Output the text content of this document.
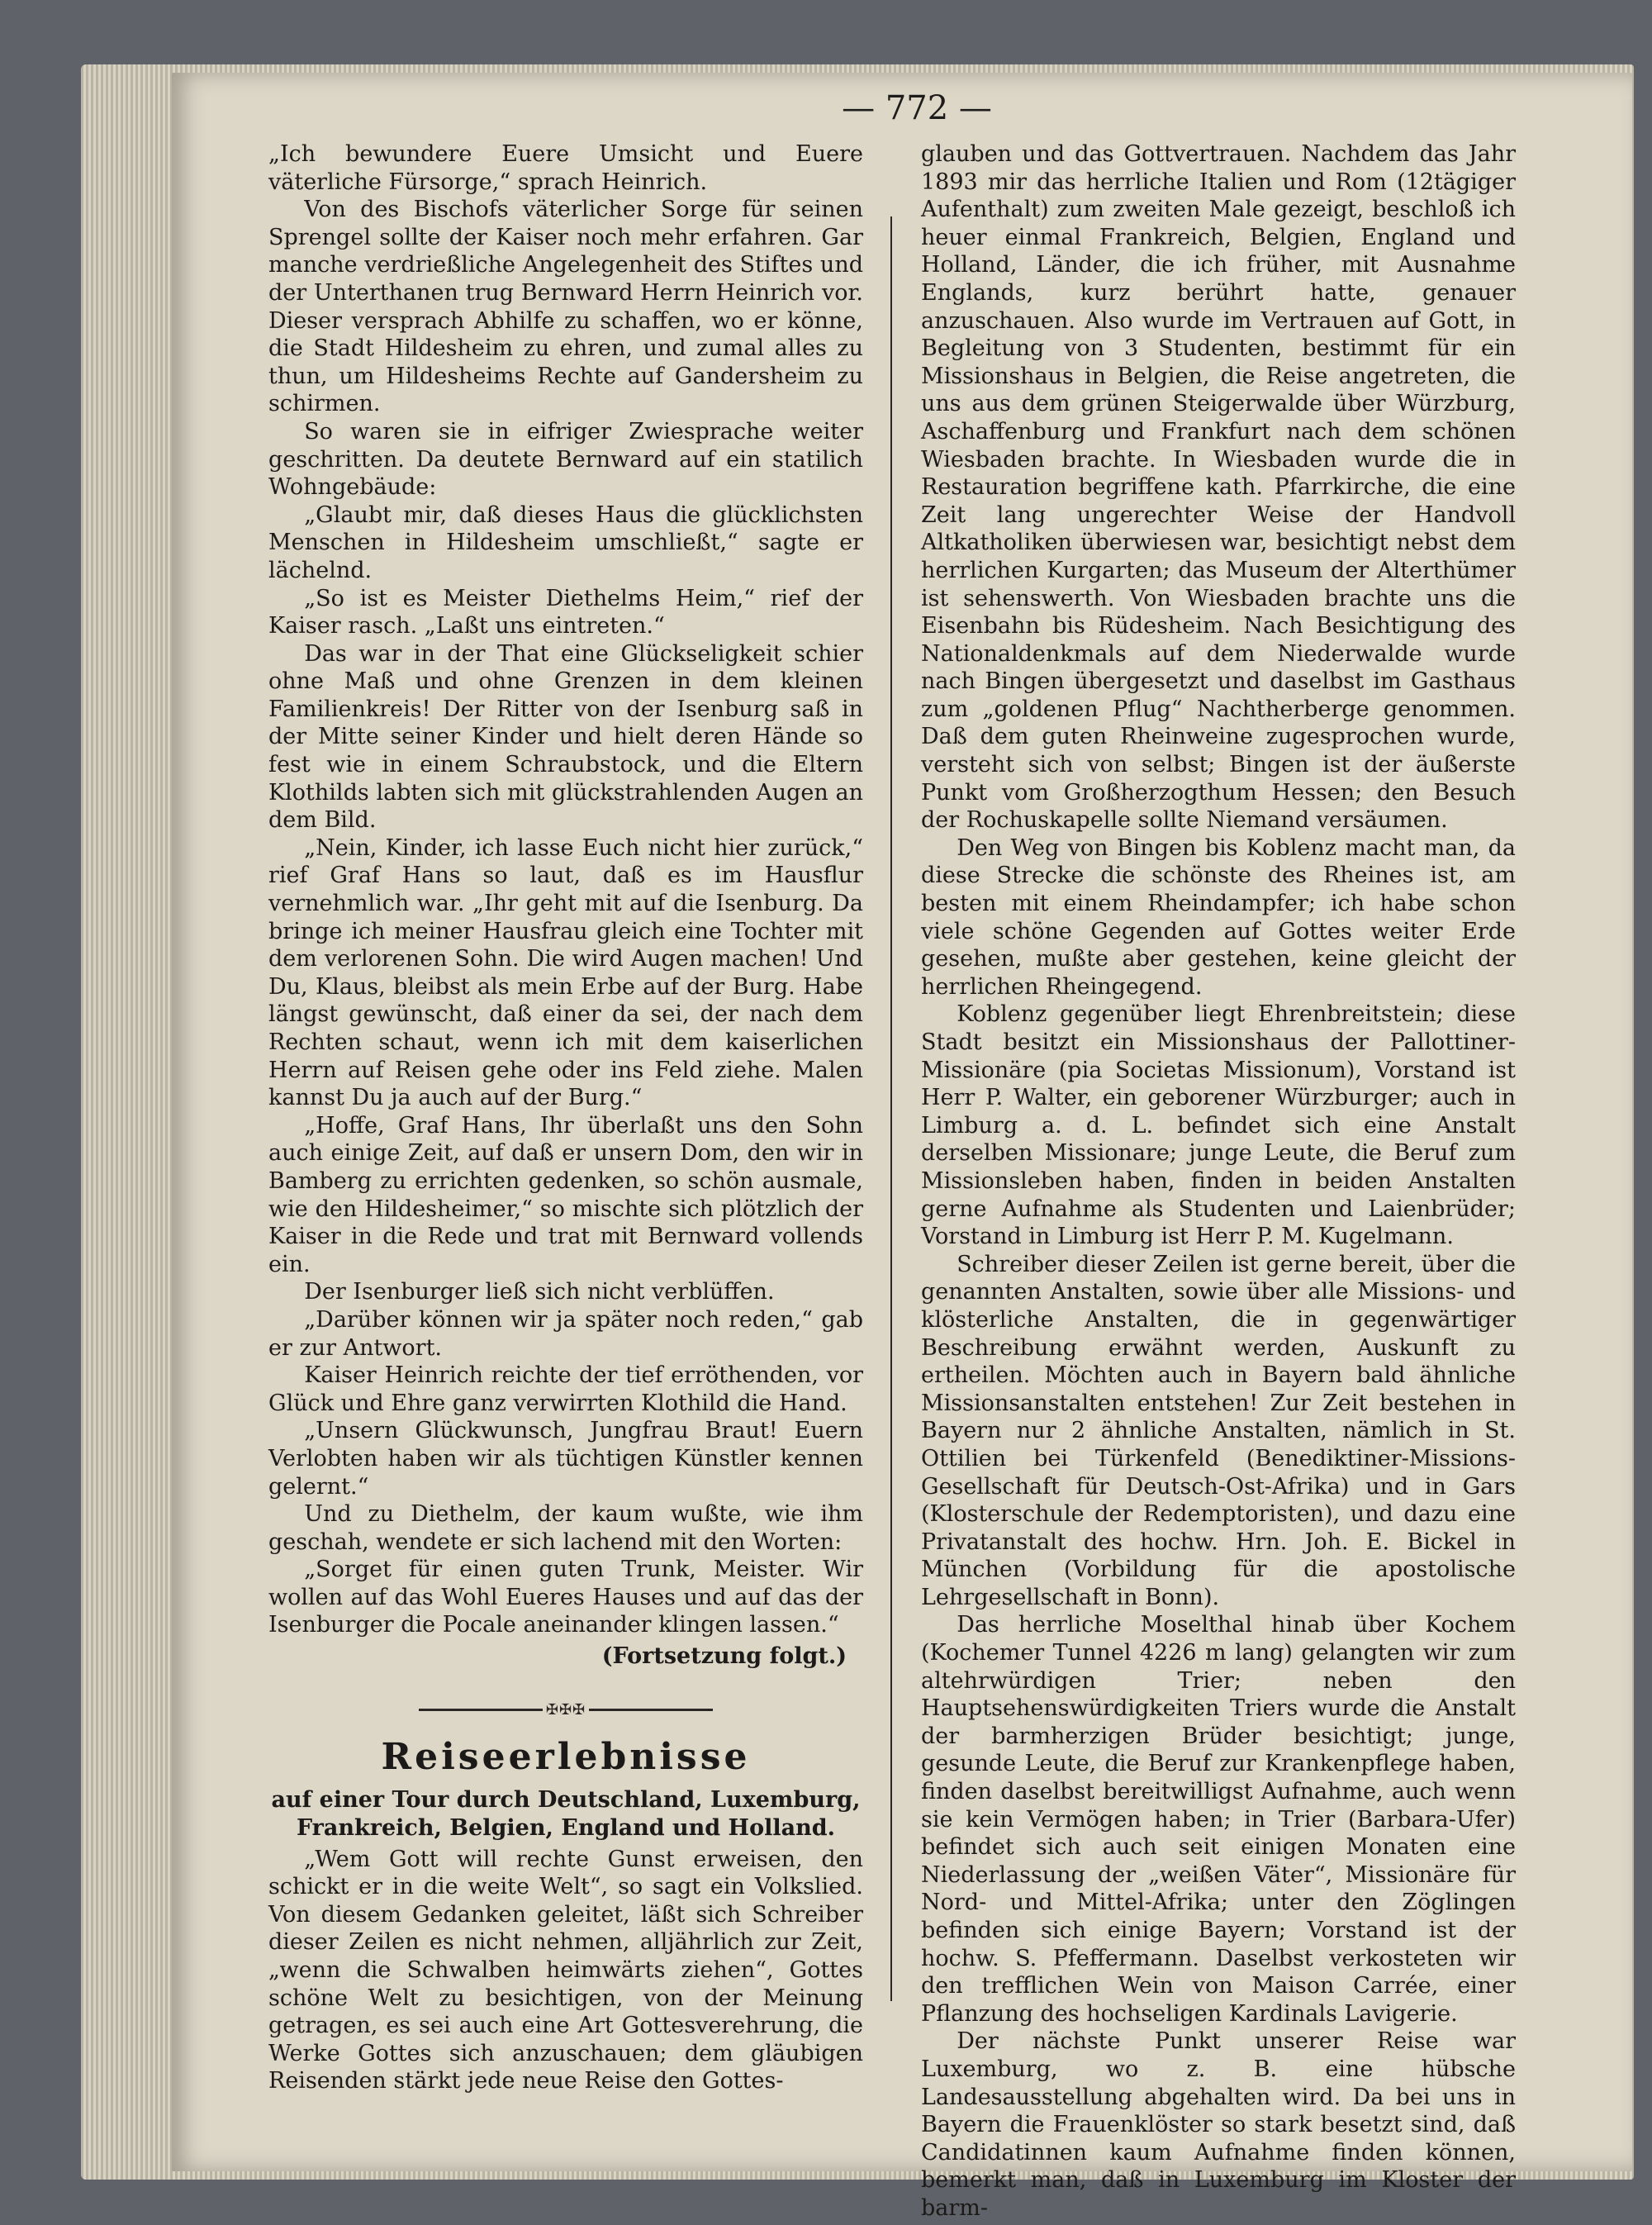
— 772 —

„Ich bewundere Euere Umsicht und Euere väterliche Fürsorge,“ sprach Heinrich.

Von des Bischofs väterlicher Sorge für seinen Sprengel sollte der Kaiser noch mehr erfahren. Gar manche verdrießliche Angelegenheit des Stiftes und der Unterthanen trug Bernward Herrn Heinrich vor. Dieser versprach Abhilfe zu schaffen, wo er könne, die Stadt Hildesheim zu ehren, und zumal alles zu thun, um Hildesheims Rechte auf Gandersheim zu schirmen.

So waren sie in eifriger Zwiesprache weiter geschritten. Da deutete Bernward auf ein statilich Wohngebäude:

„Glaubt mir, daß dieses Haus die glücklichsten Menschen in Hildesheim umschließt,“ sagte er lächelnd.

„So ist es Meister Diethelms Heim,“ rief der Kaiser rasch. „Laßt uns eintreten.“

Das war in der That eine Glückseligkeit schier ohne Maß und ohne Grenzen in dem kleinen Familienkreis! Der Ritter von der Isenburg saß in der Mitte seiner Kinder und hielt deren Hände so fest wie in einem Schraubstock, und die Eltern Klothilds labten sich mit glückstrahlenden Augen an dem Bild.

„Nein, Kinder, ich lasse Euch nicht hier zurück,“ rief Graf Hans so laut, daß es im Hausflur vernehmlich war. „Ihr geht mit auf die Isenburg. Da bringe ich meiner Hausfrau gleich eine Tochter mit dem verlorenen Sohn. Die wird Augen machen! Und Du, Klaus, bleibst als mein Erbe auf der Burg. Habe längst gewünscht, daß einer da sei, der nach dem Rechten schaut, wenn ich mit dem kaiserlichen Herrn auf Reisen gehe oder ins Feld ziehe. Malen kannst Du ja auch auf der Burg.“

„Hoffe, Graf Hans, Ihr überlaßt uns den Sohn auch einige Zeit, auf daß er unsern Dom, den wir in Bamberg zu errichten gedenken, so schön ausmale, wie den Hildesheimer,“ so mischte sich plötzlich der Kaiser in die Rede und trat mit Bernward vollends ein.

Der Isenburger ließ sich nicht verblüffen.

„Darüber können wir ja später noch reden,“ gab er zur Antwort.

Kaiser Heinrich reichte der tief erröthenden, vor Glück und Ehre ganz verwirrten Klothild die Hand.

„Unsern Glückwunsch, Jungfrau Braut! Euern Verlobten haben wir als tüchtigen Künstler kennen gelernt.“

Und zu Diethelm, der kaum wußte, wie ihm geschah, wendete er sich lachend mit den Worten:

„Sorget für einen guten Trunk, Meister. Wir wollen auf das Wohl Eueres Hauses und auf das der Isenburger die Pocale aneinander klingen lassen.“

(Fortsetzung folgt.)

✠✠✠
Reiseerlebnisse
auf einer Tour durch Deutschland, Luxemburg, Frankreich, Belgien, England und Holland.

„Wem Gott will rechte Gunst erweisen, den schickt er in die weite Welt“, so sagt ein Volkslied. Von diesem Gedanken geleitet, läßt sich Schreiber dieser Zeilen es nicht nehmen, alljährlich zur Zeit, „wenn die Schwalben heimwärts ziehen“, Gottes schöne Welt zu besichtigen, von der Meinung getragen, es sei auch eine Art Gottesverehrung, die Werke Gottes sich anzuschauen; dem gläubigen Reisenden stärkt jede neue Reise den Gottes-

glauben und das Gottvertrauen. Nachdem das Jahr 1893 mir das herrliche Italien und Rom (12tägiger Aufenthalt) zum zweiten Male gezeigt, beschloß ich heuer einmal Frankreich, Belgien, England und Holland, Länder, die ich früher, mit Ausnahme Englands, kurz berührt hatte, genauer anzuschauen. Also wurde im Vertrauen auf Gott, in Begleitung von 3 Studenten, bestimmt für ein Missionshaus in Belgien, die Reise angetreten, die uns aus dem grünen Steigerwalde über Würzburg, Aschaffenburg und Frankfurt nach dem schönen Wiesbaden brachte. In Wiesbaden wurde die in Restauration begriffene kath. Pfarrkirche, die eine Zeit lang ungerechter Weise der Handvoll Altkatholiken überwiesen war, besichtigt nebst dem herrlichen Kurgarten; das Museum der Alterthümer ist sehenswerth. Von Wiesbaden brachte uns die Eisenbahn bis Rüdesheim. Nach Besichtigung des Nationaldenkmals auf dem Niederwalde wurde nach Bingen übergesetzt und daselbst im Gasthaus zum „goldenen Pflug“ Nachtherberge genommen. Daß dem guten Rheinweine zugesprochen wurde, versteht sich von selbst; Bingen ist der äußerste Punkt vom Großherzogthum Hessen; den Besuch der Rochuskapelle sollte Niemand versäumen.

Den Weg von Bingen bis Koblenz macht man, da diese Strecke die schönste des Rheines ist, am besten mit einem Rheindampfer; ich habe schon viele schöne Gegenden auf Gottes weiter Erde gesehen, mußte aber gestehen, keine gleicht der herrlichen Rheingegend.

Koblenz gegenüber liegt Ehrenbreitstein; diese Stadt besitzt ein Missionshaus der Pallottiner-Missionäre (pia Societas Missionum), Vorstand ist Herr P. Walter, ein geborener Würzburger; auch in Limburg a. d. L. befindet sich eine Anstalt derselben Missionare; junge Leute, die Beruf zum Missionsleben haben, finden in beiden Anstalten gerne Aufnahme als Studenten und Laienbrüder; Vorstand in Limburg ist Herr P. M. Kugelmann.

Schreiber dieser Zeilen ist gerne bereit, über die genannten Anstalten, sowie über alle Missions- und klösterliche Anstalten, die in gegenwärtiger Beschreibung erwähnt werden, Auskunft zu ertheilen. Möchten auch in Bayern bald ähnliche Missionsanstalten entstehen! Zur Zeit bestehen in Bayern nur 2 ähnliche Anstalten, nämlich in St. Ottilien bei Türkenfeld (Benediktiner-Missions-Gesellschaft für Deutsch-Ost-Afrika) und in Gars (Klosterschule der Redemptoristen), und dazu eine Privatanstalt des hochw. Hrn. Joh. E. Bickel in München (Vorbildung für die apostolische Lehrgesellschaft in Bonn).

Das herrliche Moselthal hinab über Kochem (Kochemer Tunnel 4226 m lang) gelangten wir zum altehrwürdigen Trier; neben den Hauptsehenswürdigkeiten Triers wurde die Anstalt der barmherzigen Brüder besichtigt; junge, gesunde Leute, die Beruf zur Krankenpflege haben, finden daselbst bereitwilligst Aufnahme, auch wenn sie kein Vermögen haben; in Trier (Barbara-Ufer) befindet sich auch seit einigen Monaten eine Niederlassung der „weißen Väter“, Missionäre für Nord- und Mittel-Afrika; unter den Zöglingen befinden sich einige Bayern; Vorstand ist der hochw. S. Pfeffermann. Daselbst verkosteten wir den trefflichen Wein von Maison Carrée, einer Pflanzung des hochseligen Kardinals Lavigerie.

Der nächste Punkt unserer Reise war Luxemburg, wo z. B. eine hübsche Landesausstellung abgehalten wird. Da bei uns in Bayern die Frauenklöster so stark besetzt sind, daß Candidatinnen kaum Aufnahme finden können, bemerkt man, daß in Luxemburg im Kloster der barm-
